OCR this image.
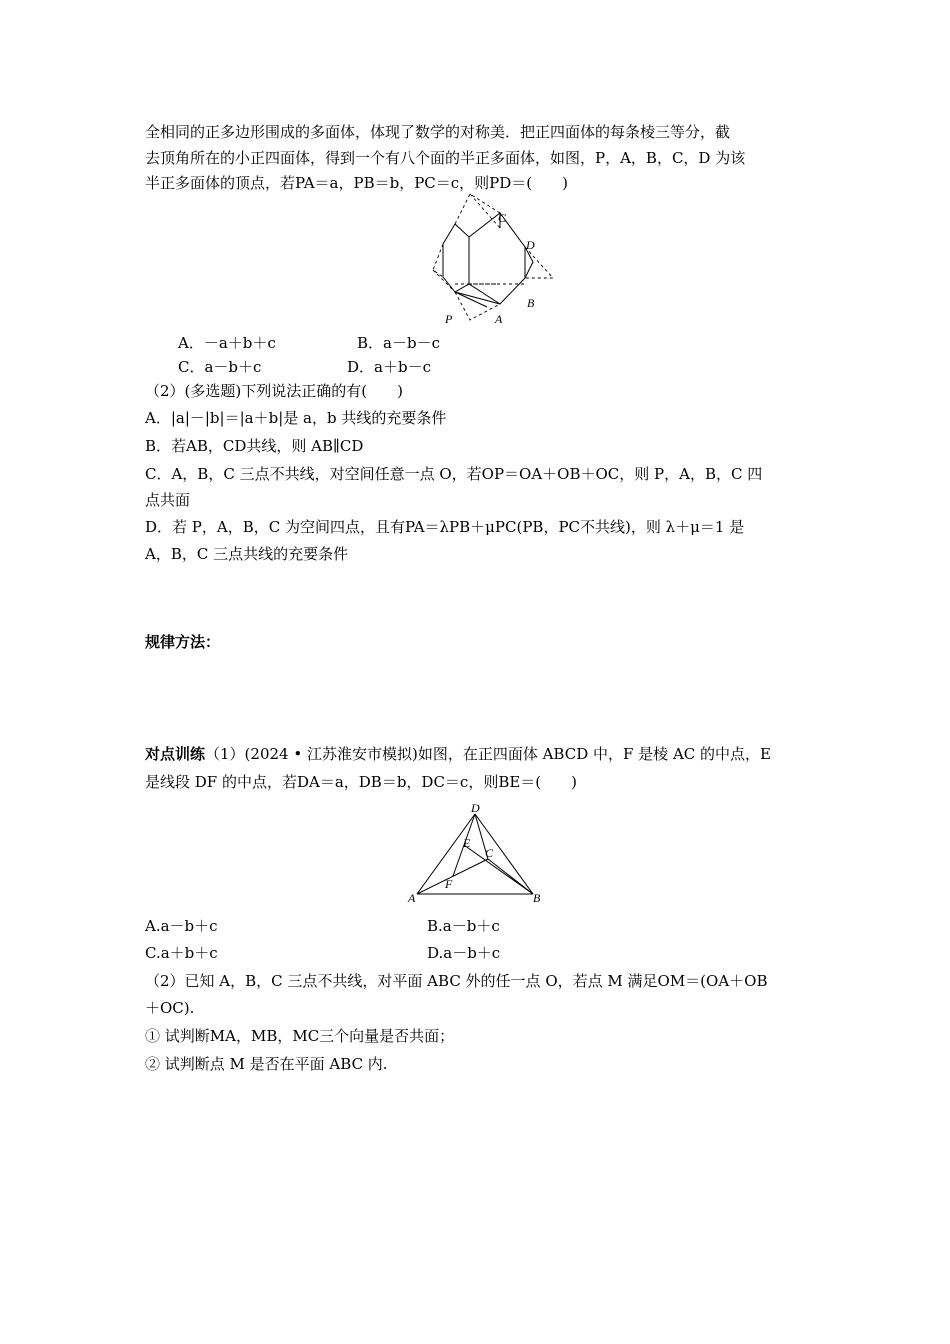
全相同的正多边形围成的多面体，体现了数学的对称美．把正四面体的每条棱三等分，截
去顶角所在的小正四面体，得到一个有八个面的半正多面体，如图，P，A，B，C，D 为该
半正多面体的顶点，若PA＝a，PB＝b，PC＝c，则PD＝(　　)
C
D
B
P	A
A．－a＋b＋c	B．a－b－c
C．a－b＋c	D．a＋b－c
（2）(多选题)下列说法正确的有(　　)
A．|a|－|b|＝|a＋b|是 a，b 共线的充要条件
B．若AB，CD共线，则 AB∥CD
C．A，B，C 三点不共线，对空间任意一点 O，若OP＝OA＋OB＋OC，则 P，A，B，C 四
点共面
D．若 P，A，B，C 为空间四点，且有PA＝λPB＋μPC(PB，PC不共线)，则 λ＋μ＝1 是
A，B，C 三点共线的充要条件
规律方法：
对点训练（1）(2024 • 江苏淮安市模拟)如图，在正四面体 ABCD 中，F 是棱 AC 的中点，E
是线段 DF 的中点，若DA＝a，DB＝b，DC＝c，则BE＝(　　)
D
E
C
F
A	B
A.a－b＋c	B.a－b＋c
C.a＋b＋c	D.a－b＋c
（2）已知 A，B，C 三点不共线，对平面 ABC 外的任一点 O，若点 M 满足OM＝(OA＋OB
＋OC).
① 试判断MA，MB，MC三个向量是否共面；
② 试判断点 M 是否在平面 ABC 内.
